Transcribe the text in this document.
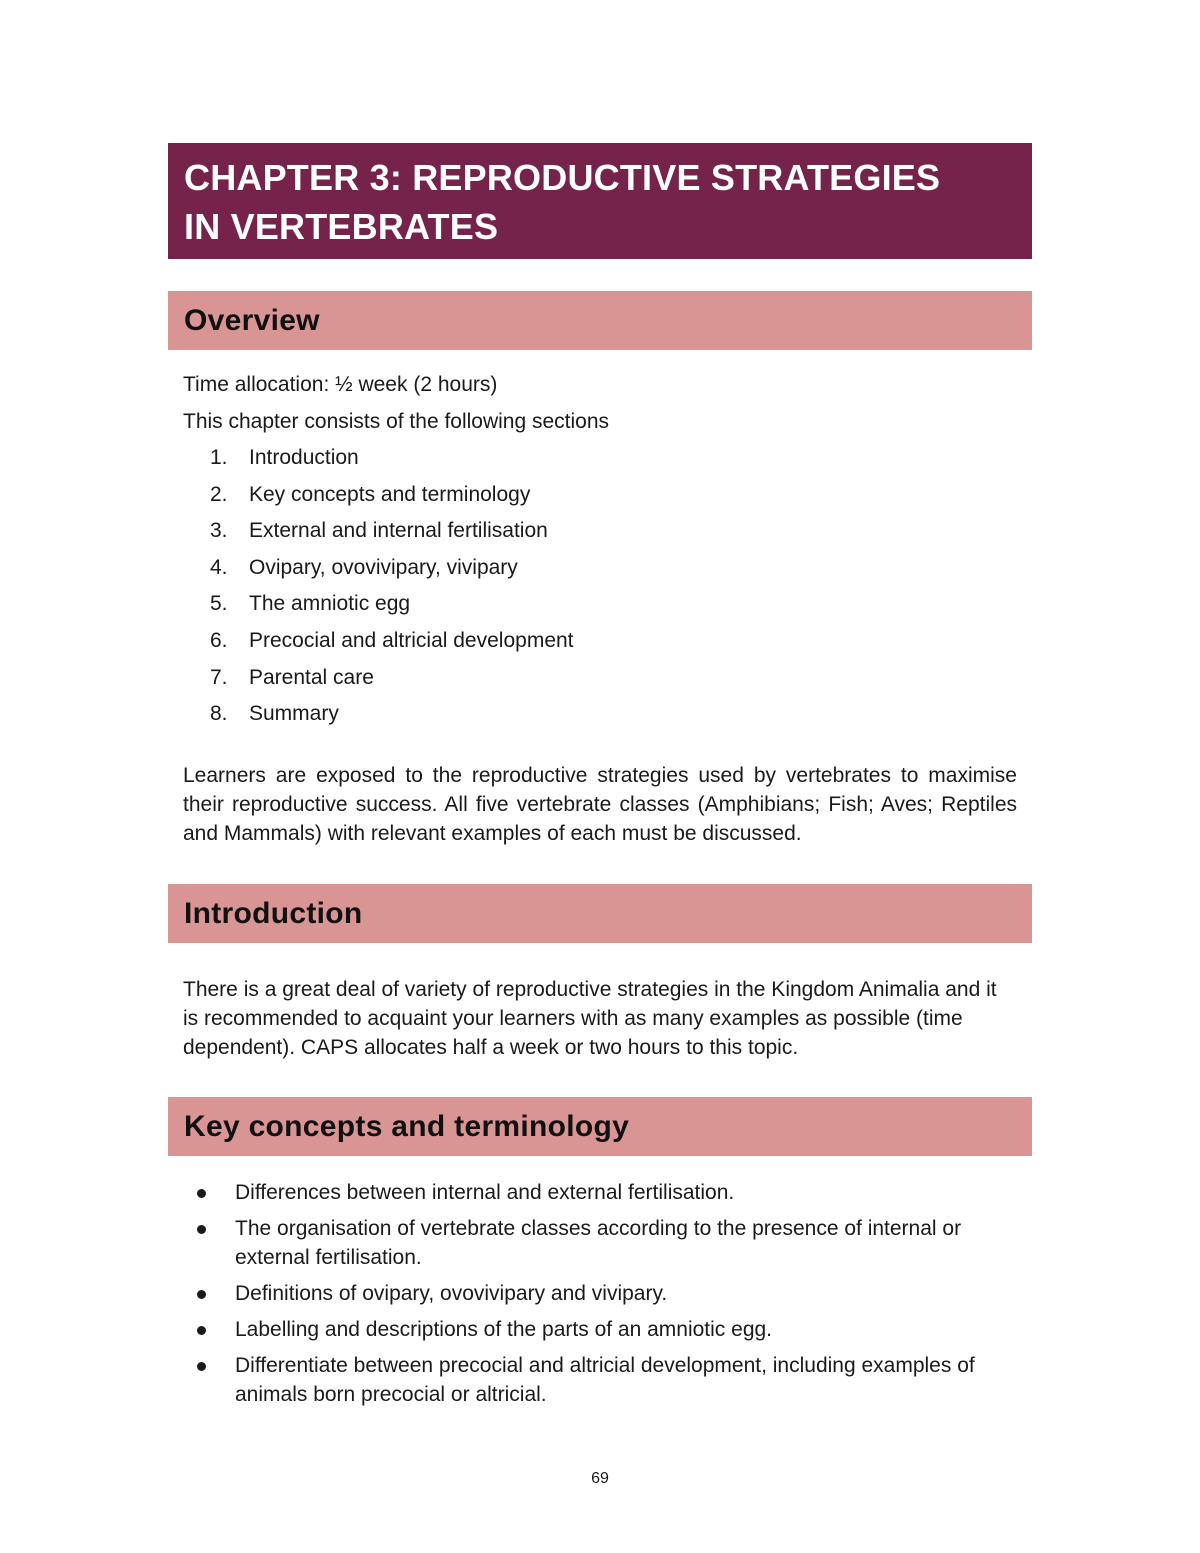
CHAPTER 3: REPRODUCTIVE STRATEGIES
IN VERTEBRATES
Overview
Time allocation: ½ week (2 hours)
This chapter consists of the following sections
1.	Introduction
2.	Key concepts and terminology
3.	External and internal fertilisation
4.	Ovipary, ovovivipary, vivipary
5.	The amniotic egg
6.	Precocial and altricial development
7.	Parental care
8.	Summary

Learners are exposed to the reproductive strategies used by vertebrates to maximise their reproductive success. All five vertebrate classes (Amphibians; Fish; Aves; Reptiles and Mammals) with relevant examples of each must be discussed.

Introduction

There is a great deal of variety of reproductive strategies in the Kingdom Animalia and it is recommended to acquaint your learners with as many examples as possible (time dependent). CAPS allocates half a week or two hours to this topic.

Key concepts and terminology
Differences between internal and external fertilisation.
The organisation of vertebrate classes according to the presence of internal or external fertilisation.
Definitions of ovipary, ovovivipary and vivipary.
Labelling and descriptions of the parts of an amniotic egg.
Differentiate between precocial and altricial development, including examples of animals born precocial or altricial.
69
